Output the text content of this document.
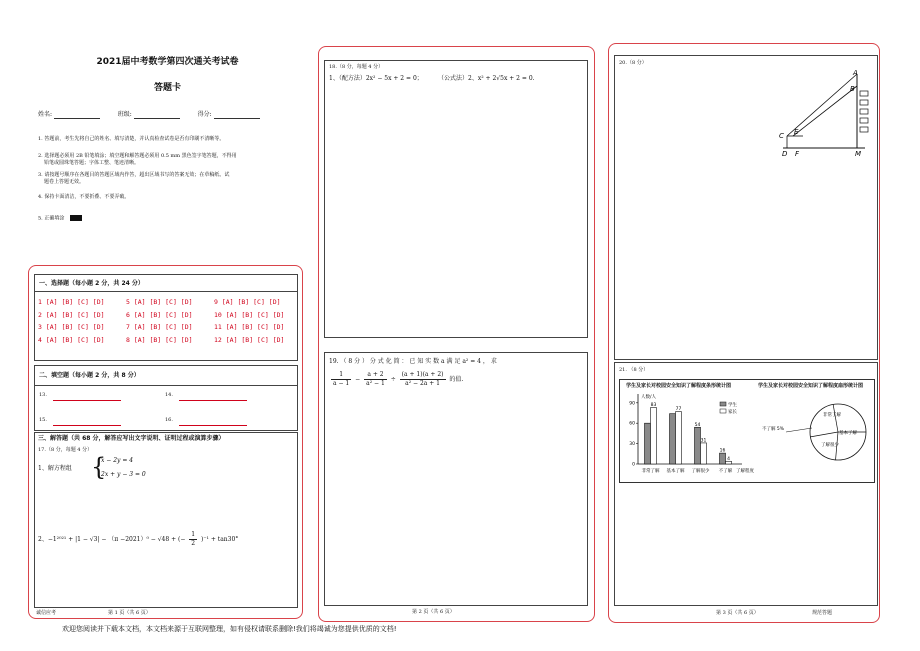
2021届中考数学第四次通关考试卷
答题卡
姓名:	班级:	得分:
1. 答题前，考生先将自己的姓名、填写清楚，并认真检查试卷是否有印刷不清晰等。
2. 选择题必须用 2B 铅笔填涂；填空题和解答题必须用 0.5 mm 黑色签字笔答题，不得用
铅笔或圆珠笔答题；字体工整、笔迹清晰。
3. 请按题号顺序在各题目的答题区域内作答，超出区域书写的答案无效；在草稿纸、试
题卷上答题无效。
4. 保持卡面清洁，不要折叠、不要弄破。
5. 正确填涂
一、选择题（每小题 2 分，共 24 分）
1 [A] [B] [C] [D]	5 [A] [B] [C] [D]	9 [A] [B] [C] [D]
2 [A] [B] [C] [D]	6 [A] [B] [C] [D]	10 [A] [B] [C] [D]
3 [A] [B] [C] [D]	7 [A] [B] [C] [D]	11 [A] [B] [C] [D]
4 [A] [B] [C] [D]	8 [A] [B] [C] [D]	12 [A] [B] [C] [D]
二、填空题（每小题 2 分，共 8 分）
13.	14.
15.	16.
三、解答题（共 68 分，解答应写出文字说明、证明过程或演算步骤）
17.（8 分，每题 4 分）
1、解方程组 {
x − 2y = 4
2x + y − 3 = 0
2、−1²⁰²¹ + |1 − √3| − （π −2021）⁰ − √48 + (− $\frac{1}{2} )^{-1} + \tan 30^\circ$
诚信应考	第 1 页（共 6 页）
18.（8 分，每题 4 分）
1、（配方法）2x² − 5x + 2 = 0；        （公式法）2、x² + 2√5x + 2 = 0.
19. （ 8 分 ） 分 式 化 简 ： 已 知 实 数 a 满 足 a² = 4 ， 求
$\frac{1}{a - 1} - \frac{a + 2}{\text{a² − 1}} \div \frac{(a + 1)(a + 2)}{\text{a² − 2a + 1}}$ 的值.
第 2 页（共 6 页）
20.（8 分）
A
B
C E
D F	M
21. （8 分）
学生及家长对校园安全知识了解程度条形统计图	学生及家长对校园安全知识了解程度扇形统计图
人数/人
了解程度
0
30
60
90	83
非常了解
77
基本了解
54
31
了解很少
16
4
不了解
学生
家长
非常了解
基本了解
了解很少
不了解 5%
第 3 页（共 6 页）	规范答题
欢迎您阅读并下载本文档，本文档来源于互联网整理，如有侵权请联系删除!我们将竭诚为您提供优质的文档!
